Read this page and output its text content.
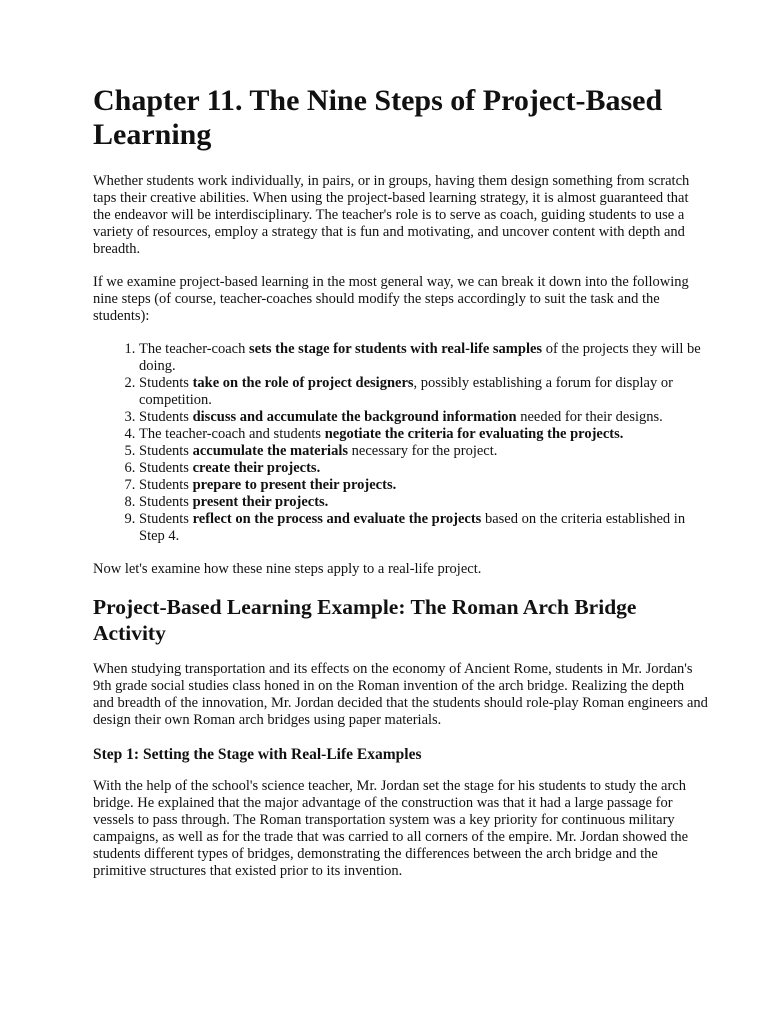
Chapter 11. The Nine Steps of Project-Based Learning

Whether students work individually, in pairs, or in groups, having them design something from scratch taps their creative abilities. When using the project-based learning strategy, it is almost guaranteed that the endeavor will be interdisciplinary. The teacher's role is to serve as coach, guiding students to use a variety of resources, employ a strategy that is fun and motivating, and uncover content with depth and breadth.

If we examine project-based learning in the most general way, we can break it down into the following nine steps (of course, teacher-coaches should modify the steps accordingly to suit the task and the students):

1. The teacher-coach sets the stage for students with real-life samples of the projects they will be doing.
2. Students take on the role of project designers, possibly establishing a forum for display or competition.
3. Students discuss and accumulate the background information needed for their designs.
4. The teacher-coach and students negotiate the criteria for evaluating the projects.
5. Students accumulate the materials necessary for the project.
6. Students create their projects.
7. Students prepare to present their projects.
8. Students present their projects.
9. Students reflect on the process and evaluate the projects based on the criteria established in Step 4.

Now let's examine how these nine steps apply to a real-life project.

Project-Based Learning Example: The Roman Arch Bridge Activity

When studying transportation and its effects on the economy of Ancient Rome, students in Mr. Jordan's 9th grade social studies class honed in on the Roman invention of the arch bridge. Realizing the depth and breadth of the innovation, Mr. Jordan decided that the students should role-play Roman engineers and design their own Roman arch bridges using paper materials.

Step 1: Setting the Stage with Real-Life Examples

With the help of the school's science teacher, Mr. Jordan set the stage for his students to study the arch bridge. He explained that the major advantage of the construction was that it had a large passage for vessels to pass through. The Roman transportation system was a key priority for continuous military campaigns, as well as for the trade that was carried to all corners of the empire. Mr. Jordan showed the students different types of bridges, demonstrating the differences between the arch bridge and the primitive structures that existed prior to its invention.
